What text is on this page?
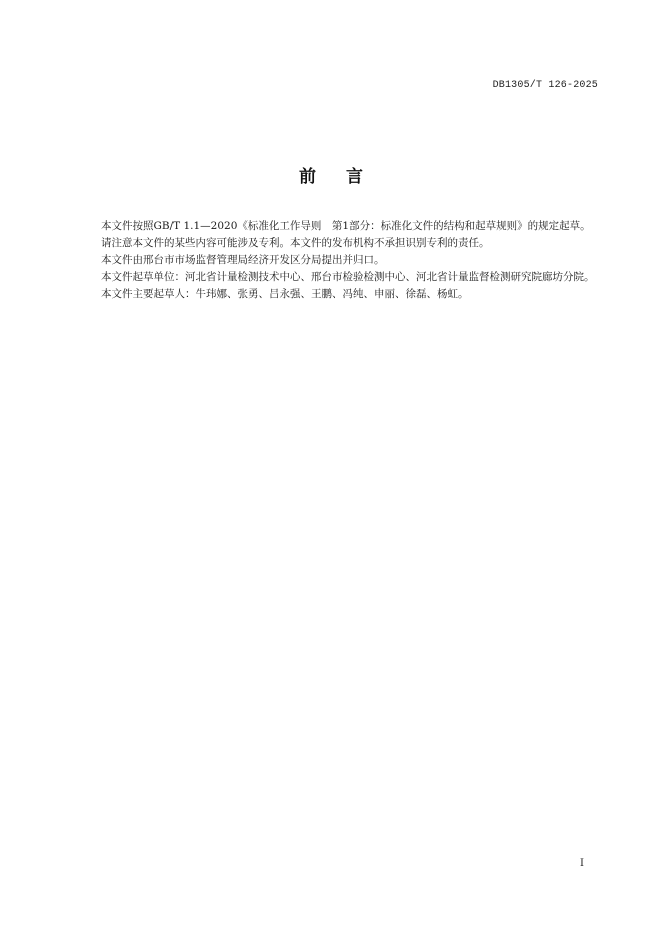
DB1305/T 126-2025
前言

本文件按照GB/T 1.1—2020《标准化工作导则　第1部分：标准化文件的结构和起草规则》的规定起草。

请注意本文件的某些内容可能涉及专利。本文件的发布机构不承担识别专利的责任。

本文件由邢台市市场监督管理局经济开发区分局提出并归口。

本文件起草单位：河北省计量检测技术中心、邢台市检验检测中心、河北省计量监督检测研究院廊坊分院。

本文件主要起草人：牛玮娜、张勇、吕永强、王鹏、冯纯、申丽、徐磊、杨虹。

I
